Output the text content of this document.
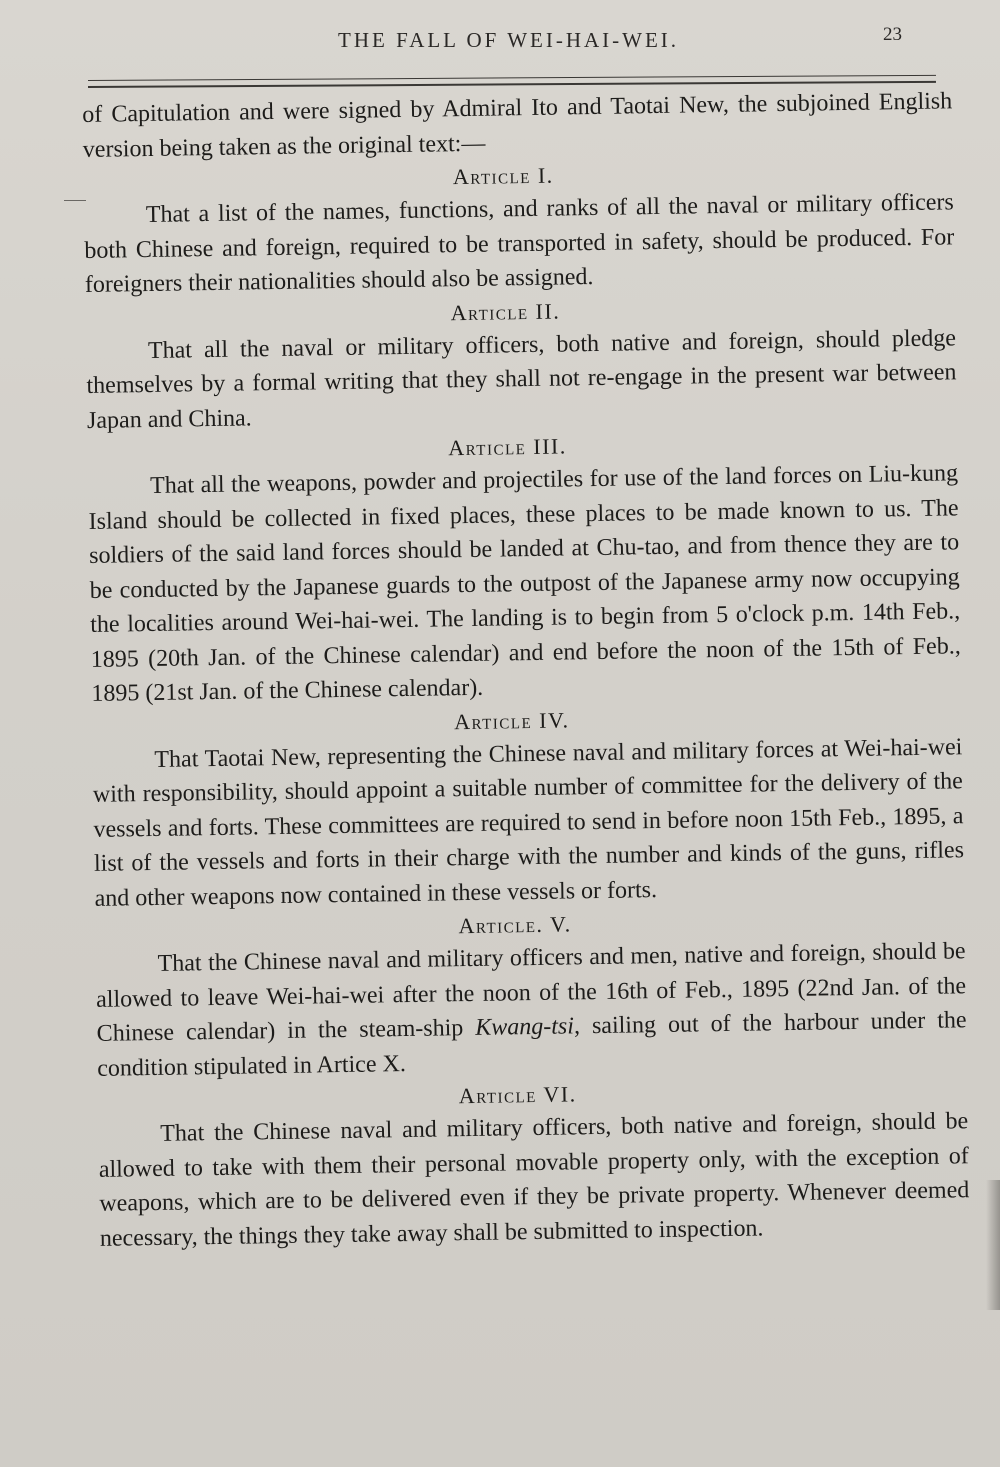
THE FALL OF WEI-HAI-WEI.	23

of Capitulation and were signed by Admiral Ito and Taotai New, the subjoined English version being taken as the original text:—

Article I.

That a list of the names, functions, and ranks of all the naval or military officers both Chinese and foreign, required to be transported in safety, should be produced. For foreigners their nationalities should also be assigned.

Article II.

That all the naval or military officers, both native and foreign, should pledge themselves by a formal writing that they shall not re-engage in the present war between Japan and China.

Article III.

That all the weapons, powder and projectiles for use of the land forces on Liu-kung Island should be collected in fixed places, these places to be made known to us. The soldiers of the said land forces should be landed at Chu-tao, and from thence they are to be conducted by the Japanese guards to the outpost of the Japanese army now occupying the localities around Wei-hai-wei. The landing is to begin from 5 o'clock p.m. 14th Feb., 1895 (20th Jan. of the Chinese calendar) and end before the noon of the 15th of Feb., 1895 (21st Jan. of the Chinese calendar).

Article IV.

That Taotai New, representing the Chinese naval and military forces at Wei-hai-wei with responsibility, should appoint a suitable number of committee for the delivery of the vessels and forts. These committees are required to send in before noon 15th Feb., 1895, a list of the vessels and forts in their charge with the number and kinds of the guns, rifles and other weapons now contained in these vessels or forts.

Article. V.

That the Chinese naval and military officers and men, native and foreign, should be allowed to leave Wei-hai-wei after the noon of the 16th of Feb., 1895 (22nd Jan. of the Chinese calendar) in the steam-ship Kwang-tsi, sailing out of the harbour under the condition stipulated in Artice X.

Article VI.

That the Chinese naval and military officers, both native and foreign, should be allowed to take with them their personal movable property only, with the exception of weapons, which are to be delivered even if they be private property. Whenever deemed necessary, the things they take away shall be submitted to inspection.
